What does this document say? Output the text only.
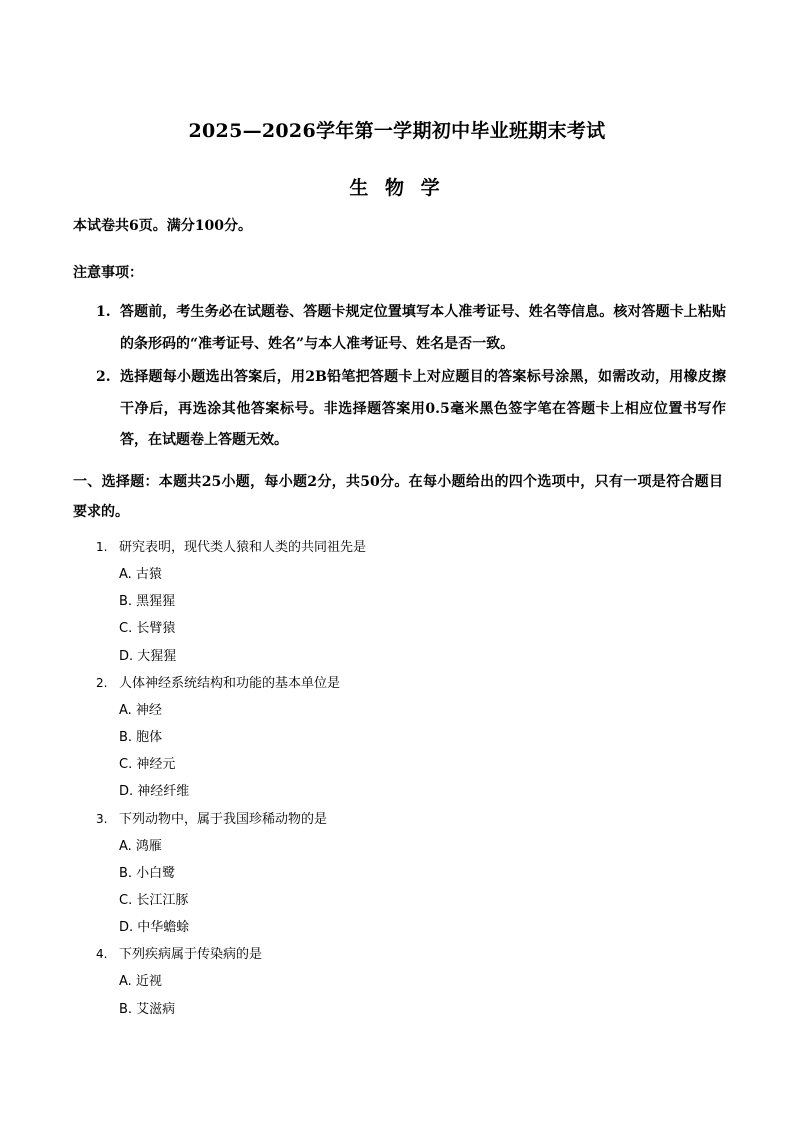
2025—2026学年第一学期初中毕业班期末考试
生 物 学
本试卷共6页。满分100分。
注意事项：
1. 答题前，考生务必在试题卷、答题卡规定位置填写本人准考证号、姓名等信息。核对答题卡上粘贴的条形码的“准考证号、姓名”与本人准考证号、姓名是否一致。
2. 选择题每小题选出答案后，用2B铅笔把答题卡上对应题目的答案标号涂黑，如需改动，用橡皮擦干净后，再选涂其他答案标号。非选择题答案用0.5毫米黑色签字笔在答题卡上相应位置书写作答，在试题卷上答题无效。
一、选择题：本题共25小题，每小题2分，共50分。在每小题给出的四个选项中，只有一项是符合题目要求的。
1. 研究表明，现代类人猿和人类的共同祖先是
A. 古猿
B. 黑猩猩
C. 长臂猿
D. 大猩猩
2. 人体神经系统结构和功能的基本单位是
A. 神经
B. 胞体
C. 神经元
D. 神经纤维
3. 下列动物中，属于我国珍稀动物的是
A. 鸿雁
B. 小白鹭
C. 长江江豚
D. 中华蟾蜍
4. 下列疾病属于传染病的是
A. 近视
B. 艾滋病
